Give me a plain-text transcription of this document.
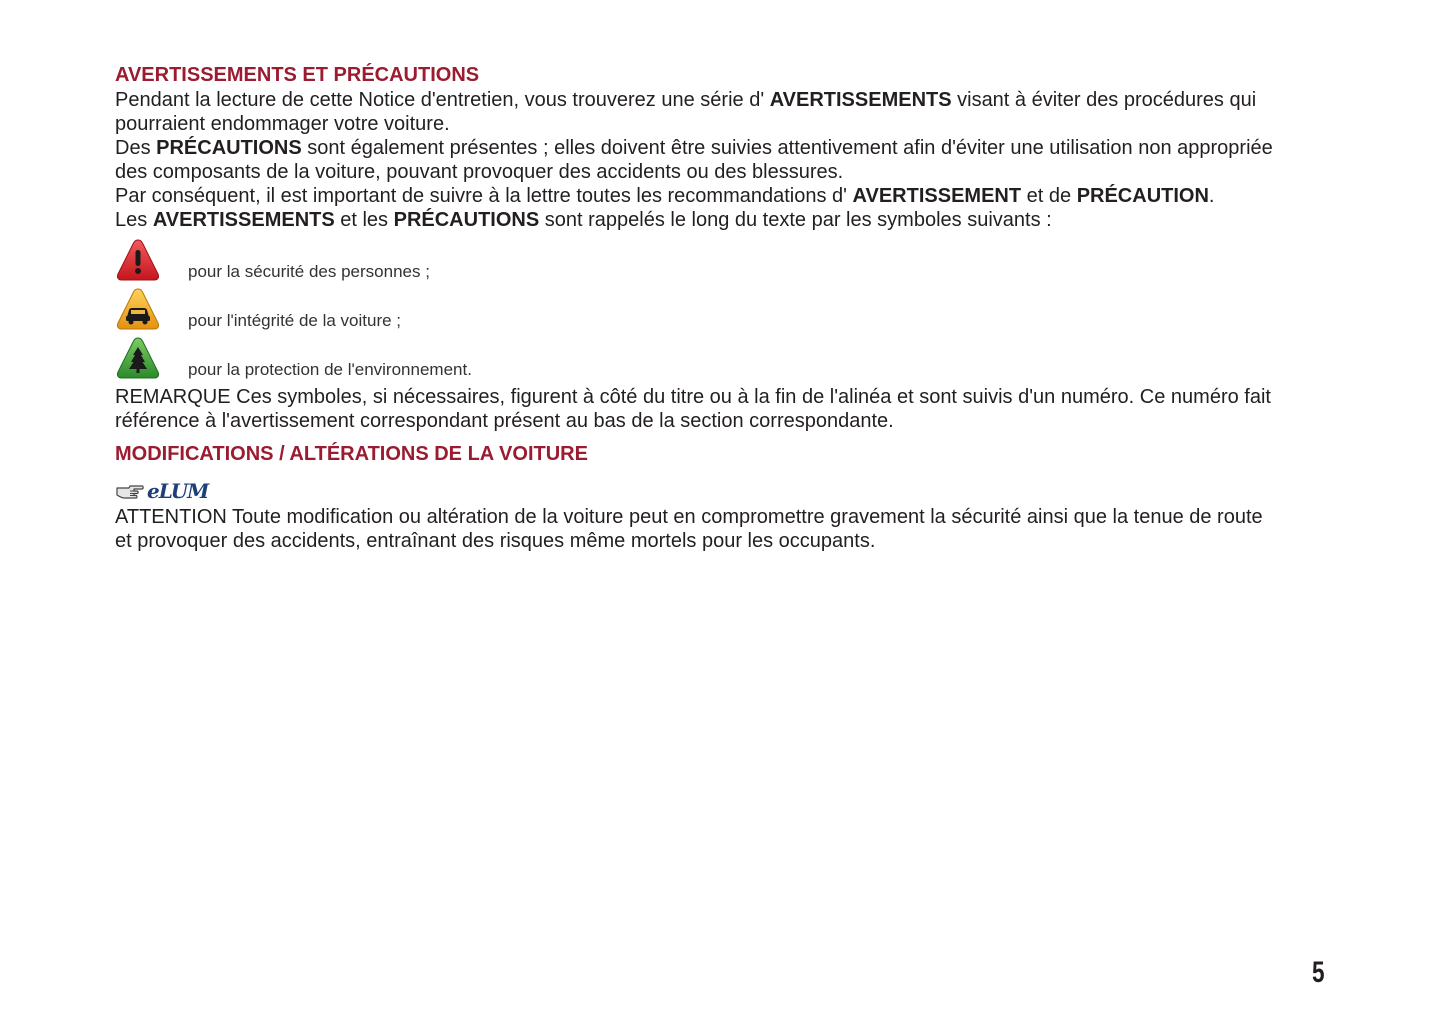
AVERTISSEMENTS ET PRÉCAUTIONS

Pendant la lecture de cette Notice d'entretien, vous trouverez une série d' AVERTISSEMENTS visant à éviter des procédures qui pourraient endommager votre voiture.

Des PRÉCAUTIONS sont également présentes ; elles doivent être suivies attentivement afin d'éviter une utilisation non appropriée des composants de la voiture, pouvant provoquer des accidents ou des blessures.

Par conséquent, il est important de suivre à la lettre toutes les recommandations d' AVERTISSEMENT et de PRÉCAUTION.

Les AVERTISSEMENTS et les PRÉCAUTIONS sont rappelés le long du texte par les symboles suivants :

pour la sécurité des personnes ;
pour l'intégrité de la voiture ;
pour la protection de l'environnement.

REMARQUE Ces symboles, si nécessaires, figurent à côté du titre ou à la fin de l'alinéa et sont suivis d'un numéro. Ce numéro fait référence à l'avertissement correspondant présent au bas de la section correspondante.

MODIFICATIONS / ALTÉRATIONS DE LA VOITURE
eLUM

ATTENTION Toute modification ou altération de la voiture peut en compromettre gravement la sécurité ainsi que la tenue de route et provoquer des accidents, entraînant des risques même mortels pour les occupants.

5
